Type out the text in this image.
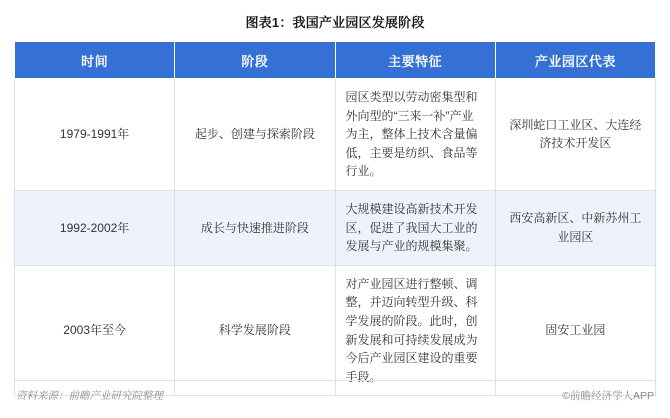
图表1：我国产业园区发展阶段
时间	阶段	主要特征	产业园区代表
1979-1991年	起步、创建与探索阶段	园区类型以劳动密集型和外向型的“三来一补”产业为主，整体上技术含量偏低，主要是纺织、食品等行业。	深圳蛇口工业区、大连经济技术开发区
1992-2002年	成长与快速推进阶段	大规模建设高新技术开发区，促进了我国大工业的发展与产业的规模集聚。	西安高新区、中新苏州工业园区
2003年至今	科学发展阶段	对产业园区进行整顿、调整，并迈向转型升级、科学发展的阶段。此时，创新发展和可持续发展成为今后产业园区建设的重要手段。	固安工业园
资料来源：前瞻产业研究院整理	©前瞻经济学人APP
